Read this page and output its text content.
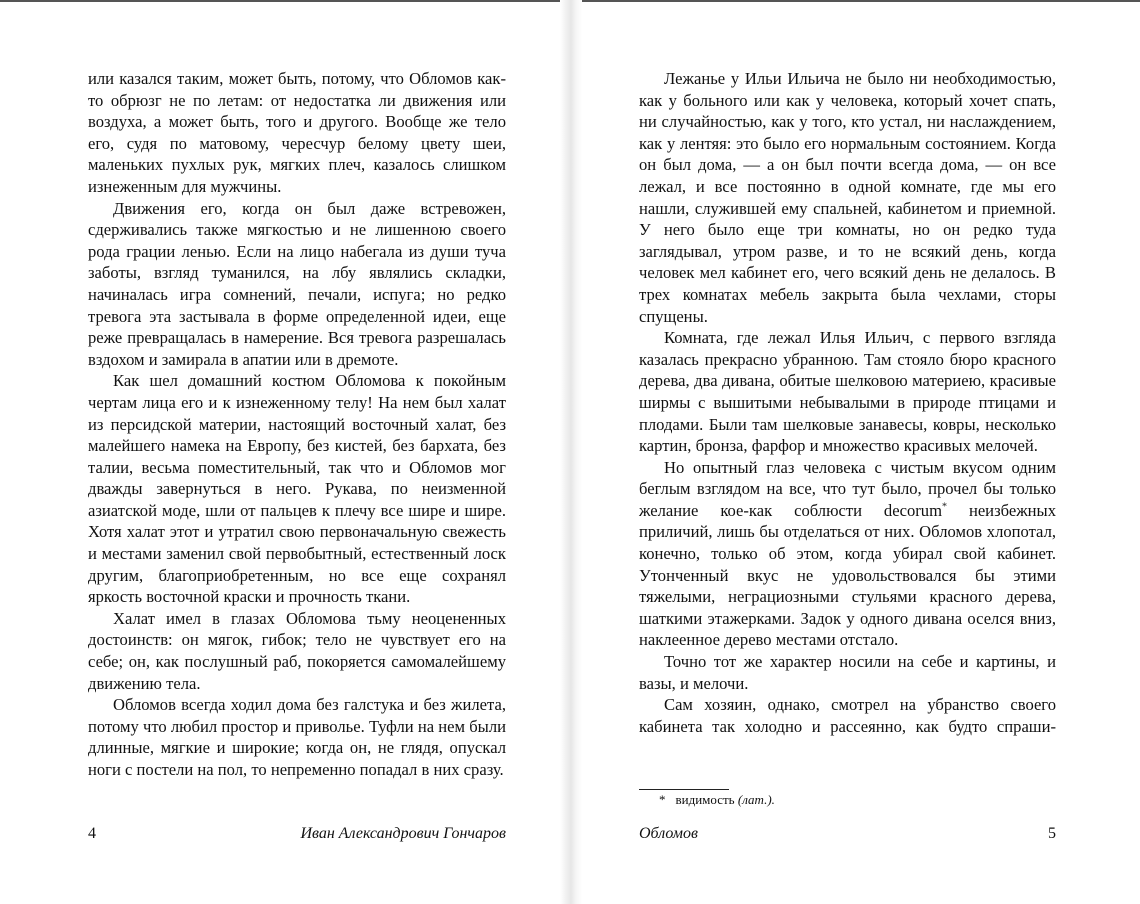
или казался таким, может быть, потому, что Обломов как-то обрюзг не по летам: от недостатка ли движения или воздуха, а может быть, того и другого. Вообще же тело его, судя по матовому, чересчур белому цвету шеи, маленьких пухлых рук, мягких плеч, казалось слишком изнеженным для мужчины.

Движения его, когда он был даже встревожен, сдерживались также мягкостью и не лишенною своего рода грации ленью. Если на лицо набегала из души туча заботы, взгляд туманился, на лбу являлись складки, начиналась игра сомнений, печали, испуга; но редко тревога эта застывала в форме определенной идеи, еще реже превращалась в намерение. Вся тревога разрешалась вздохом и замирала в апатии или в дремоте.

Как шел домашний костюм Обломова к покойным чертам лица его и к изнеженному телу! На нем был халат из персидской материи, настоящий восточный халат, без малейшего намека на Европу, без кистей, без бархата, без талии, весьма поместительный, так что и Обломов мог дважды завернуться в него. Рукава, по неизменной азиатской моде, шли от пальцев к плечу все шире и шире. Хотя халат этот и утратил свою первоначальную свежесть и местами заменил свой первобытный, естественный лоск другим, благоприобретенным, но все еще сохранял яркость восточной краски и прочность ткани.

Халат имел в глазах Обломова тьму неоцененных достоинств: он мягок, гибок; тело не чувствует его на себе; он, как послушный раб, покоряется самомалейшему движению тела.

Обломов всегда ходил дома без галстука и без жилета, потому что любил простор и приволье. Туфли на нем были длинные, мягкие и широкие; когда он, не глядя, опускал ноги с постели на пол, то непременно попадал в них сразу.

4	Иван Александрович Гончаров

Лежанье у Ильи Ильича не было ни необходимостью, как у больного или как у человека, который хочет спать, ни случайностью, как у того, кто устал, ни наслаждением, как у лентяя: это было его нормальным состоянием. Когда он был дома, — а он был почти всегда дома, — он все лежал, и все постоянно в одной комнате, где мы его нашли, служившей ему спальней, кабинетом и приемной. У него было еще три комнаты, но он редко туда заглядывал, утром разве, и то не всякий день, когда человек мел кабинет его, чего всякий день не делалось. В трех комнатах мебель закрыта была чехлами, сторы спущены.

Комната, где лежал Илья Ильич, с первого взгляда казалась прекрасно убранною. Там стояло бюро красного дерева, два дивана, обитые шелковою материею, красивые ширмы с вышитыми небывалыми в природе птицами и плодами. Были там шелковые занавесы, ковры, несколько картин, бронза, фарфор и множество красивых мелочей.

Но опытный глаз человека с чистым вкусом одним беглым взглядом на все, что тут было, прочел бы только желание кое-как соблюсти decorum* неизбежных приличий, лишь бы отделаться от них. Обломов хлопотал, конечно, только об этом, когда убирал свой кабинет. Утонченный вкус не удовольствовался бы этими тяжелыми, неграциозными стульями красного дерева, шаткими этажерками. Задок у одного дивана оселся вниз, наклеенное дерево местами отстало.

Точно тот же характер носили на себе и картины, и вазы, и мелочи.

Сам хозяин, однако, смотрел на убранство своего кабинета так холодно и рассеянно, как будто спраши-

* видимость (лат.).
Обломов	5
